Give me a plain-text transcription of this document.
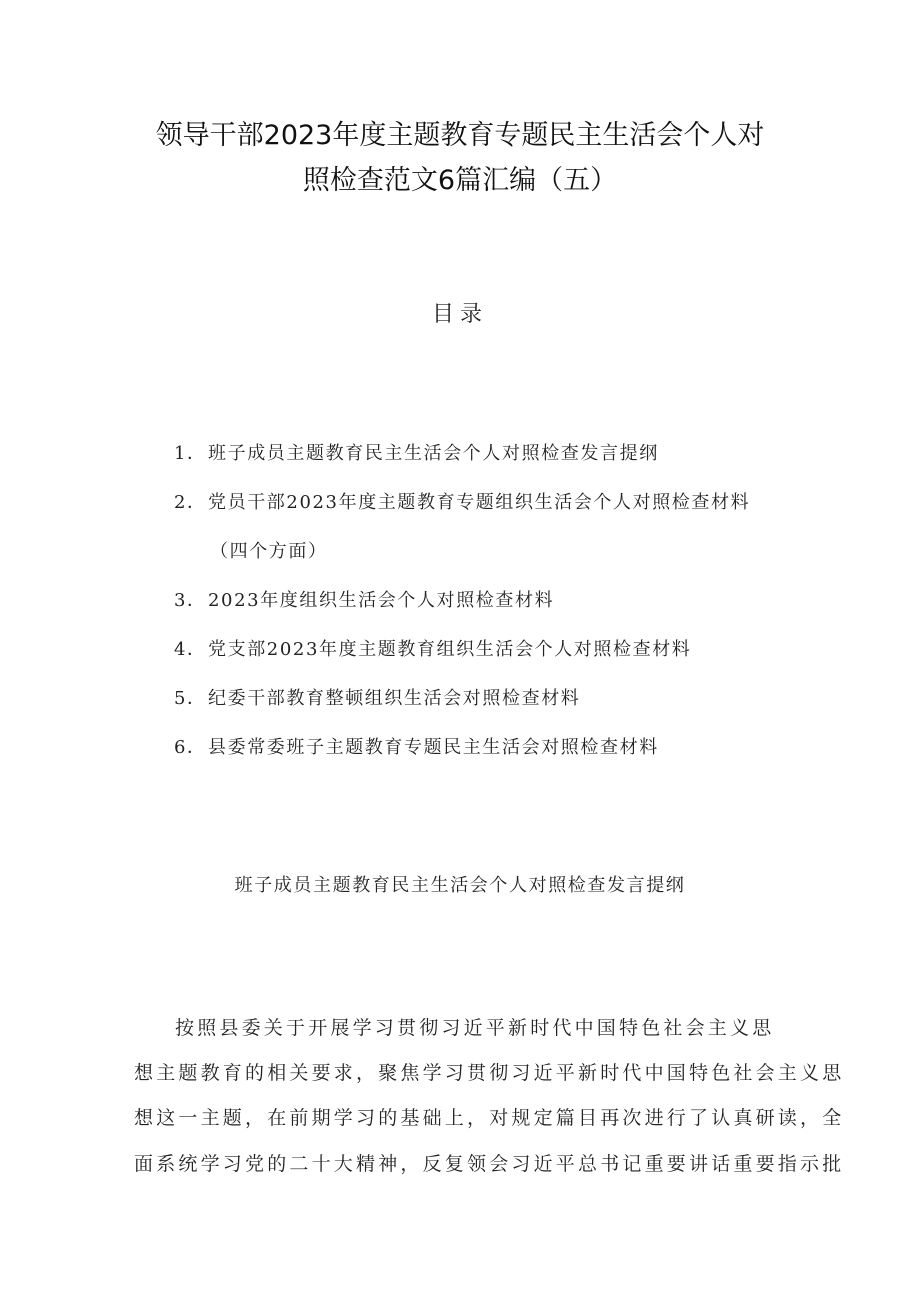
领导干部2023年度主题教育专题民主生活会个人对
照检查范文6篇汇编（五）
目录
1．班子成员主题教育民主生活会个人对照检查发言提纲
2．党员干部2023年度主题教育专题组织生活会个人对照检查材料
（四个方面）
3．2023年度组织生活会个人对照检查材料
4．党支部2023年度主题教育组织生活会个人对照检查材料
5．纪委干部教育整顿组织生活会对照检查材料
6．县委常委班子主题教育专题民主生活会对照检查材料
班子成员主题教育民主生活会个人对照检查发言提纲
按照县委关于开展学习贯彻习近平新时代中国特色社会主义思
想主题教育的相关要求，聚焦学习贯彻习近平新时代中国特色社会主义思
想这一主题，在前期学习的基础上，对规定篇目再次进行了认真研读，全
面系统学习党的二十大精神，反复领会习近平总书记重要讲话重要指示批
